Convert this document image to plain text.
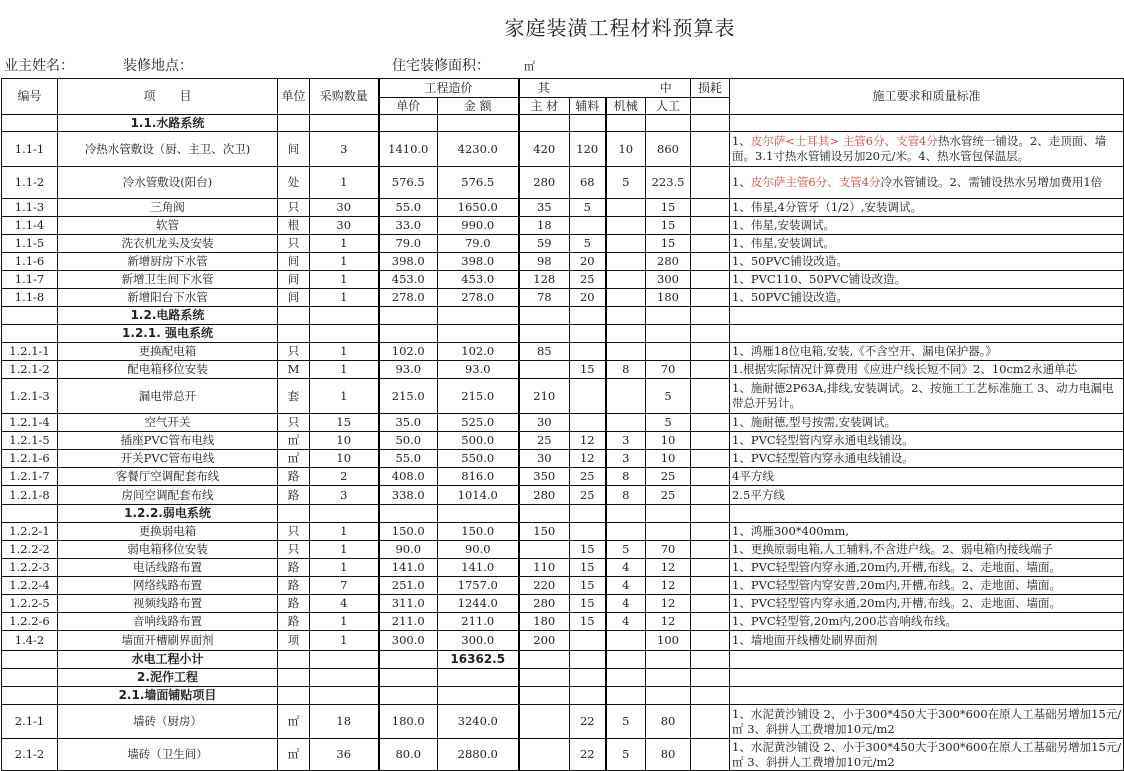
家庭装潢工程材料预算表
业主姓名：	装修地点：	住宅装修面积：	㎡
编号	项　　目	单位	采购数量	工程造价		其 中				损耗	施工要求和质量标准
				单价	金 额	主 材	辅料	机械	人工		
	1.1.水路系统										
1.1-1	冷热水管敷设（厨、主卫、次卫)	间	3	1410.0	4230.0	420	120	10	860		1、皮尔萨<土耳其> 主管6分、支管4分热水管统一铺设。2、走顶面、墙面。3.1寸热水管铺设另加20元/米。4、热水管包保温层。
1.1-2	冷水管敷设(阳台)	处	1	576.5	576.5	280	68	5	223.5		1、皮尔萨主管6分、支管4分冷水管铺设。2、需铺设热水另增加费用1倍
1.1-3	三角阀	只	30	55.0	1650.0	35	5		15		1、伟星,4分管牙（1/2）,安装调试。
1.1-4	软管	根	30	33.0	990.0	18			15		1、伟星,安装调试。
1.1-5	洗衣机龙头及安装	只	1	79.0	79.0	59	5		15		1、伟星,安装调试。
1.1-6	新增厨房下水管	间	1	398.0	398.0	98	20		280		1、50PVC铺设改造。
1.1-7	新增卫生间下水管	间	1	453.0	453.0	128	25		300		1、PVC110、50PVC铺设改造。
1.1-8	新增阳台下水管	间	1	278.0	278.0	78	20		180		1、50PVC铺设改造。
	1.2.电路系统										
	1.2.1. 强电系统										
1.2.1-1	更换配电箱	只	1	102.0	102.0	85					1、鸿雁18位电箱,安装,《不含空开、漏电保护器。》
1.2.1-2	配电箱移位安装	M	1	93.0	93.0		15	8	70		1.根据实际情况计算费用《应进户线长短不同》2、10cm2永通单芯
1.2.1-3	漏电带总开	套	1	215.0	215.0	210			5		1、施耐德2P63A,排线,安装调试。2、按施工工艺标准施工 3、动力电漏电带总开另计。
1.2.1-4	空气开关	只	15	35.0	525.0	30			5		1、施耐德,型号按需,安装调试。
1.2.1-5	插座PVC管布电线	㎡	10	50.0	500.0	25	12	3	10		1、PVC轻型管内穿永通电线铺设。
1.2.1-6	开关PVC管布电线	㎡	10	55.0	550.0	30	12	3	10		1、PVC轻型管内穿永通电线铺设。
1.2.1-7	客餐厅空调配套布线	路	2	408.0	816.0	350	25	8	25		4平方线
1.2.1-8	房间空调配套布线	路	3	338.0	1014.0	280	25	8	25		2.5平方线
	1.2.2.弱电系统										
1.2.2-1	更换弱电箱	只	1	150.0	150.0	150					1、鸿雁300*400mm,
1.2.2-2	弱电箱移位安装	只	1	90.0	90.0		15	5	70		1、更换原弱电箱,人工辅料,不含进户线。2、弱电箱内接线端子
1.2.2-3	电话线路布置	路	1	141.0	141.0	110	15	4	12		1、PVC轻型管内穿永通,20m内,开槽,布线。2、走地面、墙面。
1.2.2-4	网络线路布置	路	7	251.0	1757.0	220	15	4	12		1、PVC轻型管内穿安普,20m内,开槽,布线。2、走地面、墙面。
1.2.2-5	视频线路布置	路	4	311.0	1244.0	280	15	4	12		1、PVC轻型管内穿永通,20m内,开槽,布线。2、走地面、墙面。
1.2.2-6	音响线路布置	路	1	211.0	211.0	180	15	4	12		1、PVC轻型管,20m内,200芯音响线布线。
1.4-2	墙面开槽刷界面剂	项	1	300.0	300.0	200			100		1、墙地面开线槽处刷界面剂
	水电工程小计				16362.5						
	2.泥作工程										
	2.1.墙面铺贴项目										
2.1-1	墙砖（厨房）	㎡	18	180.0	3240.0		22	5	80		1、水泥黄沙铺设 2、小于300*450大于300*600在原人工基础另增加15元/㎡ 3、斜拼人工费增加10元/m2
2.1-2	墙砖（卫生间）	㎡	36	80.0	2880.0		22	5	80		1、水泥黄沙铺设 2、小于300*450大于300*600在原人工基础另增加15元/㎡ 3、斜拼人工费增加10元/m2
